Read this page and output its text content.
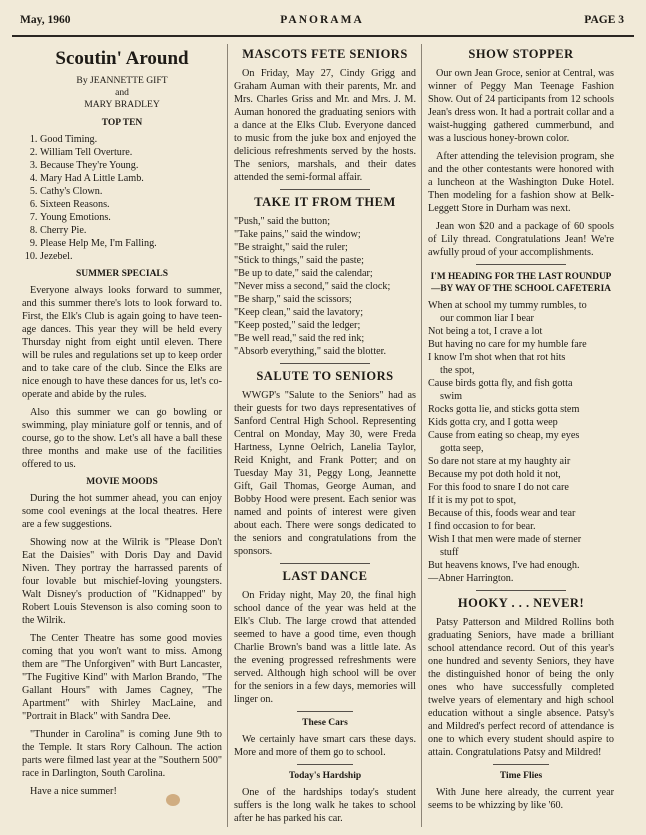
May, 1960	PANORAMA	PAGE 3
Scoutin' Around
By JEANNETTE GIFT
and
MARY BRADLEY
TOP TEN
1. Good Timing.
2. William Tell Overture.
3. Because They're Young.
4. Mary Had A Little Lamb.
5. Cathy's Clown.
6. Sixteen Reasons.
7. Young Emotions.
8. Cherry Pie.
9. Please Help Me, I'm Falling.
10. Jezebel.
SUMMER SPECIALS

Everyone always looks forward to summer, and this summer there's lots to look forward to. First, the Elk's Club is again going to have teen-age dances. This year they will be held every Thursday night from eight until eleven. There will be rules and regulations set up to keep order and to take care of the club. Since the Elks are nice enough to have these dances for us, let's co-operate and abide by the rules.

Also this summer we can go bowling or swimming, play miniature golf or tennis, and of course, go to the show. Let's all have a ball these three months and make use of the facilities offered to us.

MOVIE MOODS

During the hot summer ahead, you can enjoy some cool evenings at the local theatres. Here are a few suggestions.

Showing now at the Wilrik is "Please Don't Eat the Daisies" with Doris Day and David Niven. They portray the harrassed parents of four lovable but mischief-loving youngsters. Walt Disney's production of "Kidnapped" by Robert Louis Stevenson is also coming soon to the Wilrik.

The Center Theatre has some good movies coming that you won't want to miss. Among them are "The Unforgiven" with Burt Lancaster, "The Fugitive Kind" with Marlon Brando, "The Gallant Hours" with James Cagney, "The Apartment" with Shirley MacLaine, and "Portrait in Black" with Sandra Dee.

"Thunder in Carolina" is coming June 9th to the Temple. It stars Rory Calhoun. The action parts were filmed last year at the "Southern 500" race in Darlington, South Carolina.

Have a nice summer!

MASCOTS FETE SENIORS

On Friday, May 27, Cindy Grigg and Graham Auman with their parents, Mr. and Mrs. Charles Griss and Mr. and Mrs. J. M. Auman honored the graduating seniors with a dance at the Elks Club. Everyone danced to music from the juke box and enjoyed the delicious refreshments served by the hosts. The seniors, marshals, and their dates attended the semi-formal affair.

TAKE IT FROM THEM
"Push," said the button;
"Take pains," said the window;
"Be straight," said the ruler;
"Stick to things," said the paste;
"Be up to date," said the calendar;
"Never miss a second," said the clock;
"Be sharp," said the scissors;
"Keep clean," said the lavatory;
"Keep posted," said the ledger;
"Be well read," said the red ink;
"Absorb everything," said the blotter.
SALUTE TO SENIORS

WWGP's "Salute to the Seniors" had as their guests for two days representatives of Sanford Central High School. Representing Central on Monday, May 30, were Freda Hartness, Lynne Oelrich, Lanelia Taylor, Reid Knight, and Frank Potter; and on Tuesday May 31, Peggy Long, Jeannette Gift, Gail Thomas, George Auman, and Bobby Hood were present. Each senior was named and points of interest were given about each. There were songs dedicated to the seniors and congratulations from the sponsors.

LAST DANCE

On Friday night, May 20, the final high school dance of the year was held at the Elk's Club. The large crowd that attended seemed to have a good time, even though Charlie Brown's band was a little late. As the evening progressed refreshments were served. Although high school will be over for the seniors in a few days, memories will linger on.

These Cars

We certainly have smart cars these days. More and more of them go to school.

Today's Hardship

One of the hardships today's student suffers is the long walk he takes to school after he has parked his car.

SHOW STOPPER

Our own Jean Groce, senior at Central, was winner of Peggy Man Teenage Fashion Show. Out of 24 participants from 12 schools Jean's dress won. It had a portrait collar and a waist-hugging gathered cummerbund, and was a luscious honey-brown color.

After attending the television program, she and the other contestants were honored with a luncheon at the Washington Duke Hotel. Then modeling for a fashion show at Belk-Leggett Store in Durham was next.

Jean won $20 and a package of 60 spools of Lily thread. Congratulations Jean! We're awfully proud of your accomplishments.

I'M HEADING FOR THE LAST ROUNDUP—BY WAY OF THE SCHOOL CAFETERIA
When at school my tummy rumbles, to
our common liar I bear
Not being a tot, I crave a lot
But having no care for my humble fare
I know I'm shot when that rot hits
the spot,
Cause birds gotta fly, and fish gotta
swim
Rocks gotta lie, and sticks gotta stem
Kids gotta cry, and I gotta weep
Cause from eating so cheap, my eyes
gotta seep,
So dare not stare at my haughty air
Because my pot doth hold it not,
For this food to snare I do not care
If it is my pot to spot,
Because of this, foods wear and tear
I find occasion to for bear.
Wish I that men were made of sterner
stuff
But heavens knows, I've had enough.
—Abner Harrington.
HOOKY . . . NEVER!

Patsy Patterson and Mildred Rollins both graduating Seniors, have made a brilliant school attendance record. Out of this year's one hundred and seventy Seniors, they have the distinguished honor of being the only ones who have successfully completed twelve years of elementary and high school education without a single absence. Patsy's and Mildred's perfect record of attendance is one to which every student should aspire to attain. Congratulations Patsy and Mildred!

Time Flies

With June here already, the current year seems to be whizzing by like '60.
